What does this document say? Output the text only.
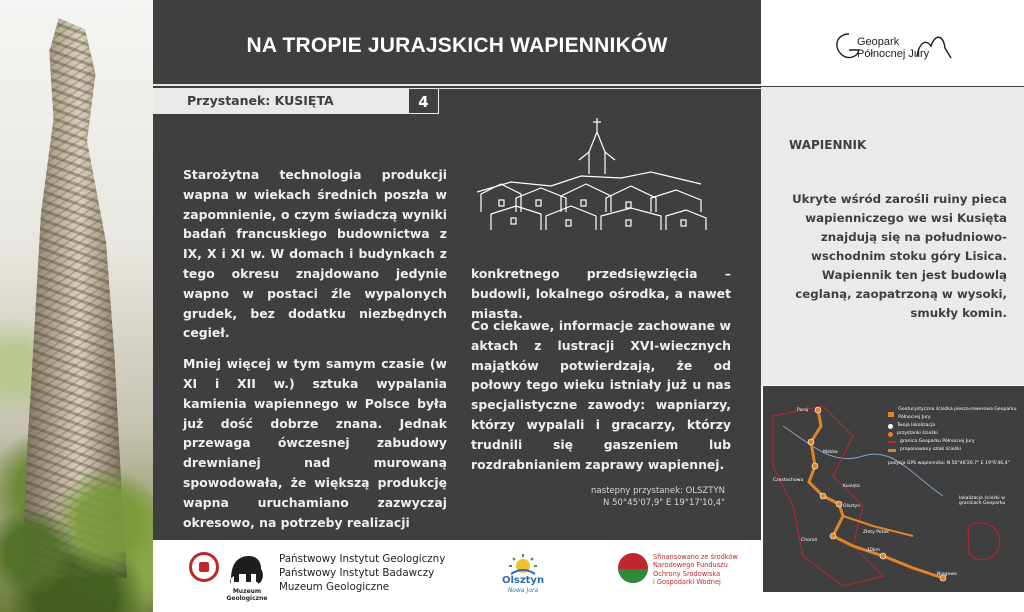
NA TROPIE JURAJSKICH WAPIENNIKÓW
Przystanek: KUSIĘTA	4

Starożytna technologia produkcji wapna w wiekach średnich poszła w zapomnienie, o czym świadczą wyniki badań francuskiego budownictwa z IX, X i XI w. W domach i budynkach z tego okresu znajdowano jedynie wapno w postaci źle wypalonych grudek, bez dodatku niezbędnych cegieł.

Mniej więcej w tym samym czasie (w XI i XII w.) sztuka wypalania kamienia wapiennego w Polsce była już dość dobrze znana. Jednak przewaga ówczesnej zabudowy drewnianej nad murowaną spowodowała, że większą produkcję wapna uruchamiano zazwyczaj okresowo, na potrzeby realizacji

konkretnego przedsięwzięcia – budowli, lokalnego ośrodka, a nawet miasta.

Co ciekawe, informacje zachowane w aktach z lustracji XVI-wiecznych majątków potwierdzają, że od połowy tego wieku istniały już u nas specjalistyczne zawody: wapniarzy, którzy wypalali i gracarzy, którzy trudnili się gaszeniem lub rozdrabnianiem zaprawy wapiennej.

nastepny przystanek: OLSZTYN
N 50°45'07,9" E 19°17'10,4"
Muzeum Geologiczne
Państwowy Instytut Geologiczny
Państwowy Instytut Badawczy
Muzeum Geologiczne
Olsztyn
Nowa Jura
Sfinansowano ze środków
Narodowego Funduszu
Ochrony Środowiska
i Gospodarki Wodnej
Geopark
Północnej Jury
WAPIENNIK
Ukryte wśród zarośli ruiny pieca wapienniczego we wsi Kusięta znajdują się na południowo-wschodnim stoku góry Lisica. Wapiennik ten jest budowlą ceglaną, zaopatrzoną w wysoki, smukły komin.
Poraj
Częstochowa
Mstów
Kusięta
Olsztyn
Choroń
Złoty Potok
Niegowa
10km
lokalizacja ścieżki w granicach Geoparku
Geoturystyczna ścieżka piesza-rowerowa Geoparku Północnej Jury
Twoja lokalizacja
przystanki ścieżki
granica Geoparku Północnej Jury
proponowany szlak ścieżki
pozycja GPS wapiennika: N 50°46'20,7" E 19°6'46,4"
